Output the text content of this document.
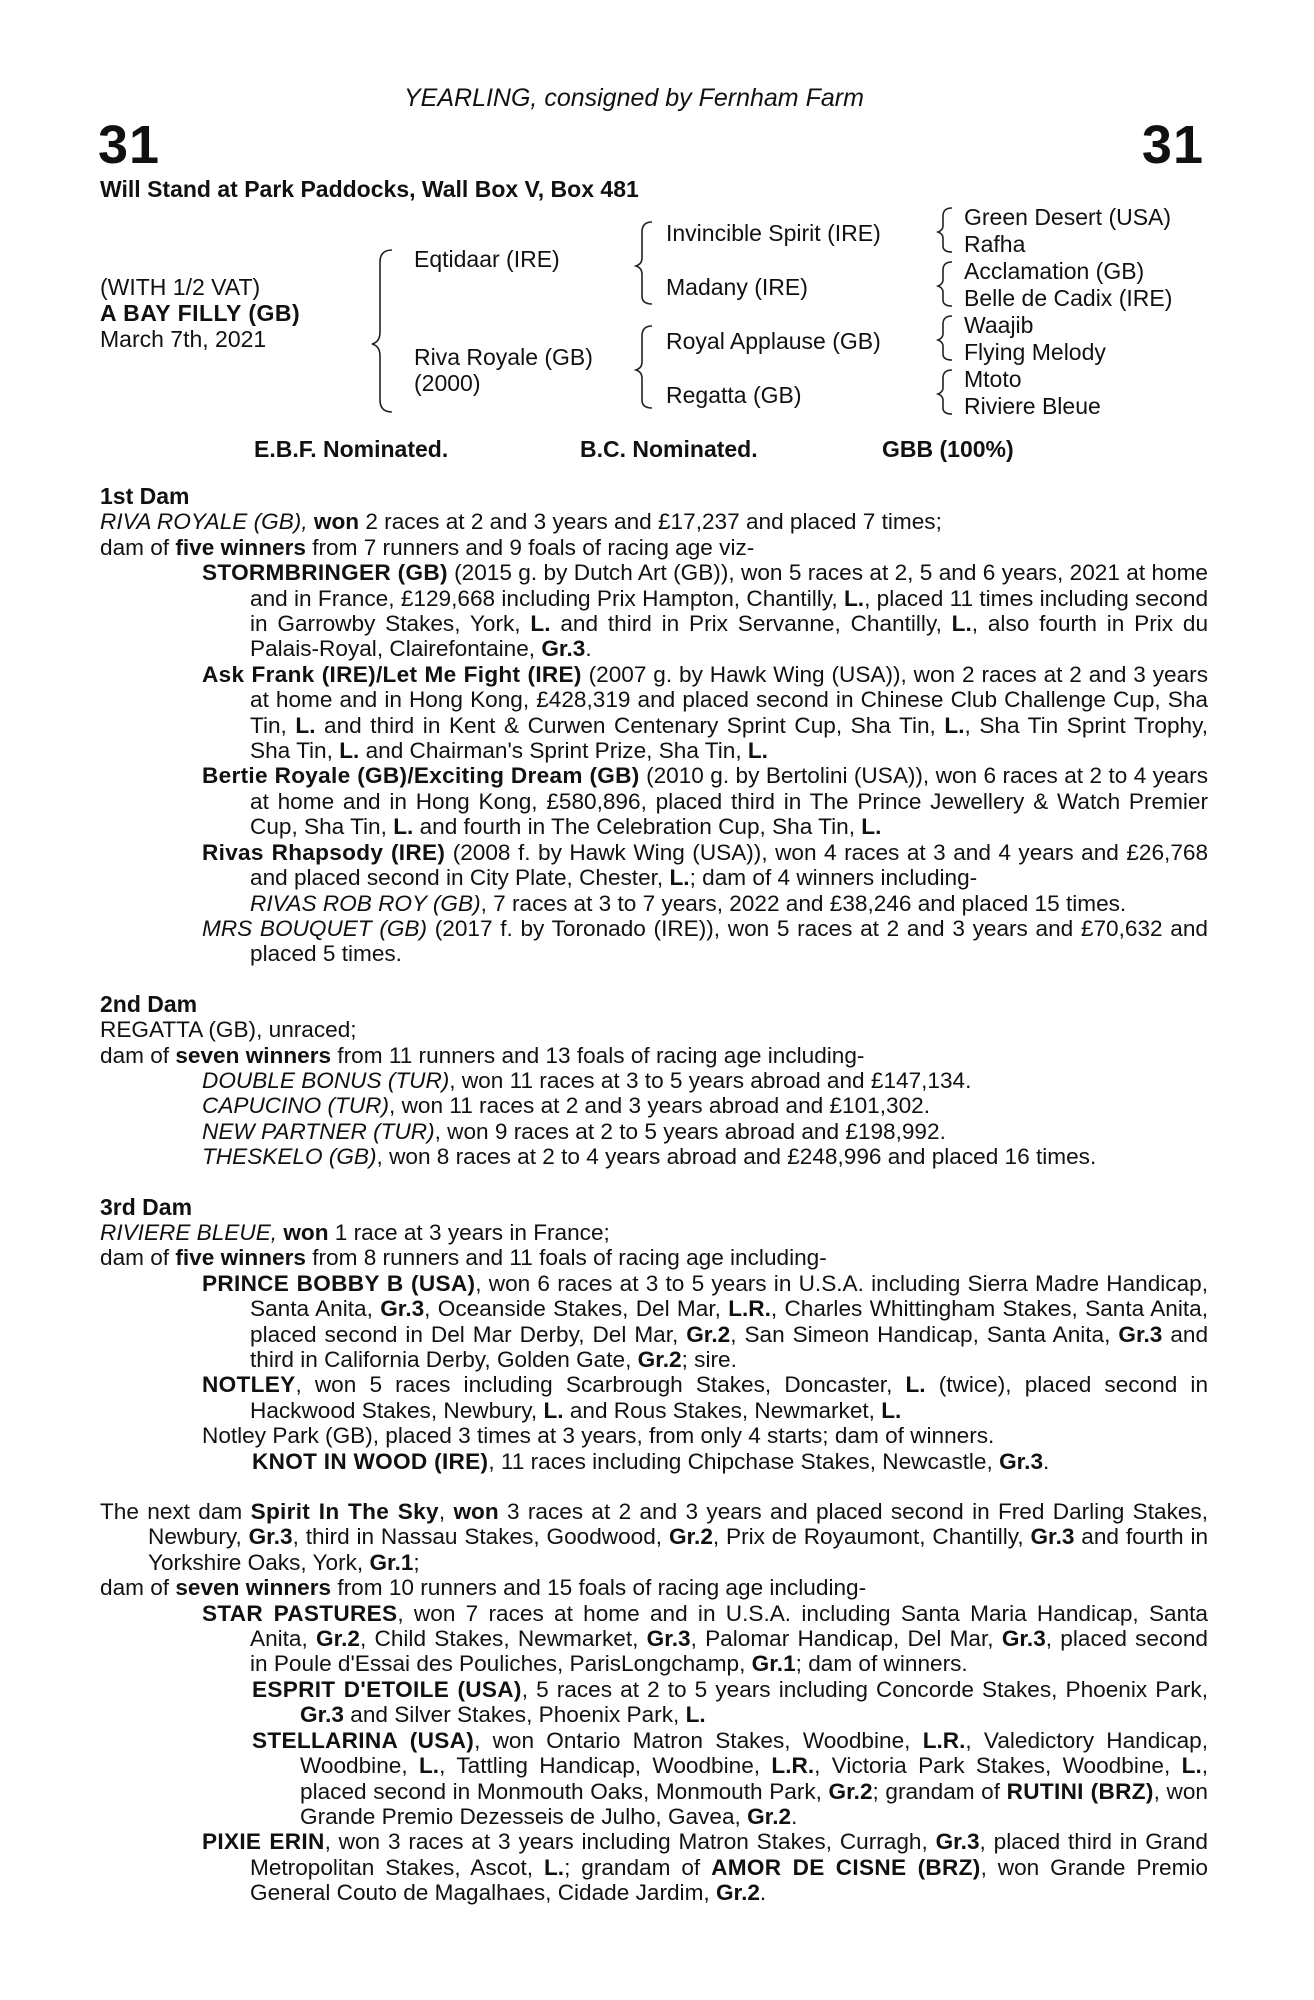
31	31
YEARLING, consigned by Fernham Farm
Will Stand at Park Paddocks, Wall Box V, Box 481
(WITH 1/2 VAT)
A BAY FILLY (GB)
March 7th, 2021
Eqtidaar (IRE)
Riva Royale (GB)
(2000)
Invincible Spirit (IRE)
Madany (IRE)
Royal Applause (GB)
Regatta (GB)
Green Desert (USA)
Rafha
Acclamation (GB)
Belle de Cadix (IRE)
Waajib
Flying Melody
Mtoto
Riviere Bleue
E.B.F. Nominated.	B.C. Nominated.	GBB (100%)

1st Dam

RIVA ROYALE (GB), won 2 races at 2 and 3 years and £17,237 and placed 7 times;

dam of five winners from 7 runners and 9 foals of racing age viz-

STORMBRINGER (GB) (2015 g. by Dutch Art (GB)), won 5 races at 2, 5 and 6 years, 2021 at home and in France, £129,668 including Prix Hampton, Chantilly, L., placed 11 times including second in Garrowby Stakes, York, L. and third in Prix Servanne, Chantilly, L., also fourth in Prix du Palais-Royal, Clairefontaine, Gr.3.

Ask Frank (IRE)/Let Me Fight (IRE) (2007 g. by Hawk Wing (USA)), won 2 races at 2 and 3 years at home and in Hong Kong, £428,319 and placed second in Chinese Club Challenge Cup, Sha Tin, L. and third in Kent & Curwen Centenary Sprint Cup, Sha Tin, L., Sha Tin Sprint Trophy, Sha Tin, L. and Chairman's Sprint Prize, Sha Tin, L.

Bertie Royale (GB)/Exciting Dream (GB) (2010 g. by Bertolini (USA)), won 6 races at 2 to 4 years at home and in Hong Kong, £580,896, placed third in The Prince Jewellery & Watch Premier Cup, Sha Tin, L. and fourth in The Celebration Cup, Sha Tin, L.

Rivas Rhapsody (IRE) (2008 f. by Hawk Wing (USA)), won 4 races at 3 and 4 years and £26,768 and placed second in City Plate, Chester, L.; dam of 4 winners including-

RIVAS ROB ROY (GB), 7 races at 3 to 7 years, 2022 and £38,246 and placed 15 times.

MRS BOUQUET (GB) (2017 f. by Toronado (IRE)), won 5 races at 2 and 3 years and £70,632 and placed 5 times.

2nd Dam

REGATTA (GB), unraced;

dam of seven winners from 11 runners and 13 foals of racing age including-

DOUBLE BONUS (TUR), won 11 races at 3 to 5 years abroad and £147,134.

CAPUCINO (TUR), won 11 races at 2 and 3 years abroad and £101,302.

NEW PARTNER (TUR), won 9 races at 2 to 5 years abroad and £198,992.

THESKELO (GB), won 8 races at 2 to 4 years abroad and £248,996 and placed 16 times.

3rd Dam

RIVIERE BLEUE, won 1 race at 3 years in France;

dam of five winners from 8 runners and 11 foals of racing age including-

PRINCE BOBBY B (USA), won 6 races at 3 to 5 years in U.S.A. including Sierra Madre Handicap, Santa Anita, Gr.3, Oceanside Stakes, Del Mar, L.R., Charles Whittingham Stakes, Santa Anita, placed second in Del Mar Derby, Del Mar, Gr.2, San Simeon Handicap, Santa Anita, Gr.3 and third in California Derby, Golden Gate, Gr.2; sire.

NOTLEY, won 5 races including Scarbrough Stakes, Doncaster, L. (twice), placed second in Hackwood Stakes, Newbury, L. and Rous Stakes, Newmarket, L.

Notley Park (GB), placed 3 times at 3 years, from only 4 starts; dam of winners.

KNOT IN WOOD (IRE), 11 races including Chipchase Stakes, Newcastle, Gr.3.

The next dam Spirit In The Sky, won 3 races at 2 and 3 years and placed second in Fred Darling Stakes, Newbury, Gr.3, third in Nassau Stakes, Goodwood, Gr.2, Prix de Royaumont, Chantilly, Gr.3 and fourth in Yorkshire Oaks, York, Gr.1;

dam of seven winners from 10 runners and 15 foals of racing age including-

STAR PASTURES, won 7 races at home and in U.S.A. including Santa Maria Handicap, Santa Anita, Gr.2, Child Stakes, Newmarket, Gr.3, Palomar Handicap, Del Mar, Gr.3, placed second in Poule d'Essai des Pouliches, ParisLongchamp, Gr.1; dam of winners.

ESPRIT D'ETOILE (USA), 5 races at 2 to 5 years including Concorde Stakes, Phoenix Park, Gr.3 and Silver Stakes, Phoenix Park, L.

STELLARINA (USA), won Ontario Matron Stakes, Woodbine, L.R., Valedictory Handicap, Woodbine, L., Tattling Handicap, Woodbine, L.R., Victoria Park Stakes, Woodbine, L., placed second in Monmouth Oaks, Monmouth Park, Gr.2; grandam of RUTINI (BRZ), won Grande Premio Dezesseis de Julho, Gavea, Gr.2.

PIXIE ERIN, won 3 races at 3 years including Matron Stakes, Curragh, Gr.3, placed third in Grand Metropolitan Stakes, Ascot, L.; grandam of AMOR DE CISNE (BRZ), won Grande Premio General Couto de Magalhaes, Cidade Jardim, Gr.2.
